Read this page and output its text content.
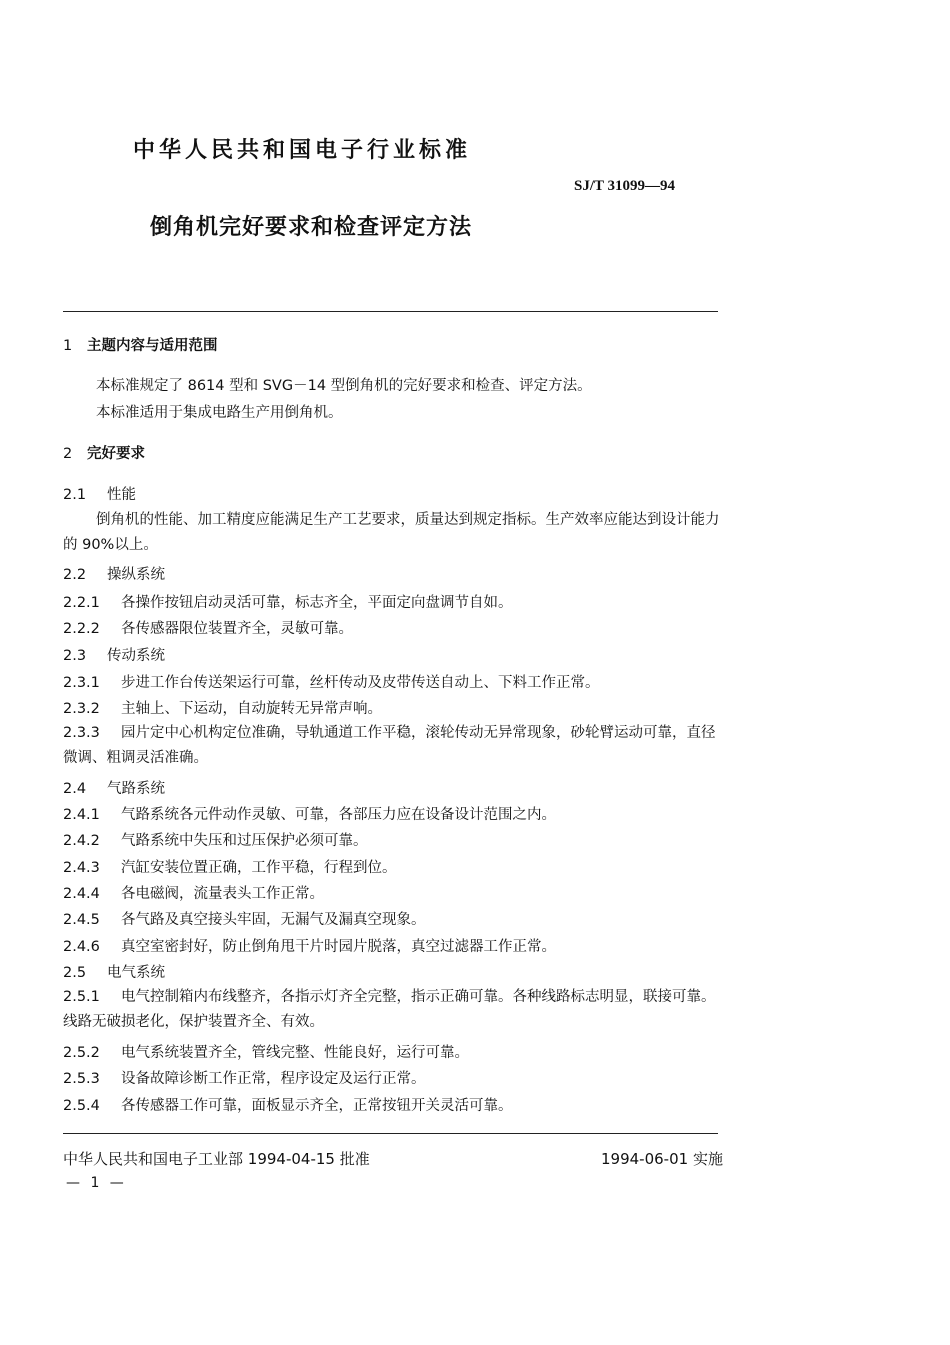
中华人民共和国电子行业标准
SJ/T 31099—94
倒角机完好要求和检查评定方法
1 主题内容与适用范围
本标准规定了 8614 型和 SVG－14 型倒角机的完好要求和检查、评定方法。
本标准适用于集成电路生产用倒角机。
2 完好要求
2.1 性能
倒角机的性能、加工精度应能满足生产工艺要求，质量达到规定指标。生产效率应能达到设计能力的 90%以上。
2.2 操纵系统
2.2.1 各操作按钮启动灵活可靠，标志齐全，平面定向盘调节自如。
2.2.2 各传感器限位装置齐全，灵敏可靠。
2.3 传动系统
2.3.1 步进工作台传送架运行可靠，丝杆传动及皮带传送自动上、下料工作正常。
2.3.2 主轴上、下运动，自动旋转无异常声响。
2.3.3 园片定中心机构定位准确，导轨通道工作平稳，滚轮传动无异常现象，砂轮臂运动可靠，直径微调、粗调灵活准确。
2.4 气路系统
2.4.1 气路系统各元件动作灵敏、可靠，各部压力应在设备设计范围之内。
2.4.2 气路系统中失压和过压保护必须可靠。
2.4.3 汽缸安装位置正确，工作平稳，行程到位。
2.4.4 各电磁阀，流量表头工作正常。
2.4.5 各气路及真空接头牢固，无漏气及漏真空现象。
2.4.6 真空室密封好，防止倒角甩干片时园片脱落，真空过滤器工作正常。
2.5 电气系统
2.5.1 电气控制箱内布线整齐，各指示灯齐全完整，指示正确可靠。各种线路标志明显，联接可靠。线路无破损老化，保护装置齐全、有效。
2.5.2 电气系统装置齐全，管线完整、性能良好，运行可靠。
2.5.3 设备故障诊断工作正常，程序设定及运行正常。
2.5.4 各传感器工作可靠，面板显示齐全，正常按钮开关灵活可靠。
中华人民共和国电子工业部 1994-04-15 批准	1994-06-01 实施
— 1 —
